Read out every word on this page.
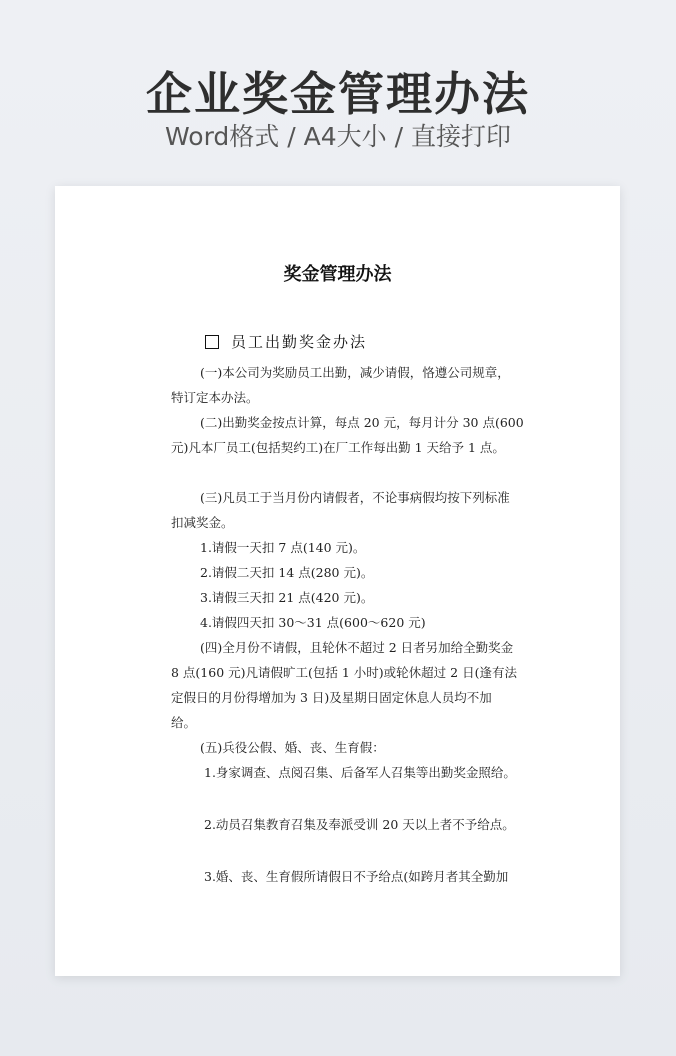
企业奖金管理办法
Word格式 / A4大小 / 直接打印
奖金管理办法
员工出勤奖金办法
(一)本公司为奖励员工出勤，减少请假，恪遵公司规章，
特订定本办法。
(二)出勤奖金按点计算，每点 20 元，每月计分 30 点(600
元)凡本厂员工(包括契约工)在厂工作每出勤 1 天给予 1 点。
(三)凡员工于当月份内请假者，不论事病假均按下列标准
扣减奖金。
1.请假一天扣 7 点(140 元)。
2.请假二天扣 14 点(280 元)。
3.请假三天扣 21 点(420 元)。
4.请假四天扣 30～31 点(600～620 元)
(四)全月份不请假，且轮休不超过 2 日者另加给全勤奖金
8 点(160 元)凡请假旷工(包括 1 小时)或轮休超过 2 日(逢有法
定假日的月份得增加为 3 日)及星期日固定休息人员均不加
给。
(五)兵役公假、婚、丧、生育假：
1.身家调查、点阅召集、后备军人召集等出勤奖金照给。
2.动员召集教育召集及奉派受训 20 天以上者不予给点。
3.婚、丧、生育假所请假日不予给点(如跨月者其全勤加
